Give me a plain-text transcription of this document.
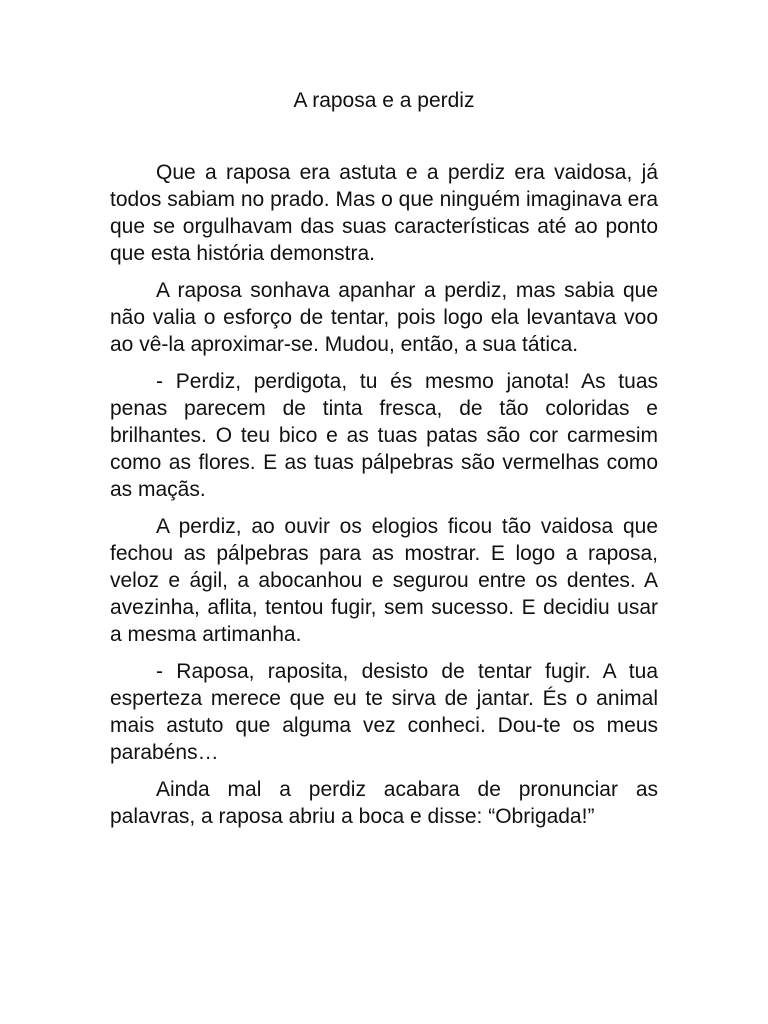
A raposa e a perdiz

Que a raposa era astuta e a perdiz era vaidosa, já todos sabiam no prado. Mas o que ninguém imaginava era que se orgulhavam das suas características até ao ponto que esta história demonstra.

A raposa sonhava apanhar a perdiz, mas sabia que não valia o esforço de tentar, pois logo ela levantava voo ao vê-la aproximar-se. Mudou, então, a sua tática.

- Perdiz, perdigota, tu és mesmo janota! As tuas penas parecem de tinta fresca, de tão coloridas e brilhantes. O teu bico e as tuas patas são cor carmesim como as flores. E as tuas pálpebras são vermelhas como as maçãs.

A perdiz, ao ouvir os elogios ficou tão vaidosa que fechou as pálpebras para as mostrar. E logo a raposa, veloz e ágil, a abocanhou e segurou entre os dentes. A avezinha, aflita, tentou fugir, sem sucesso. E decidiu usar a mesma artimanha.

- Raposa, raposita, desisto de tentar fugir. A tua esperteza merece que eu te sirva de jantar. És o animal mais astuto que alguma vez conheci. Dou-te os meus parabéns…

Ainda mal a perdiz acabara de pronunciar as palavras, a raposa abriu a boca e disse: “Obrigada!”
